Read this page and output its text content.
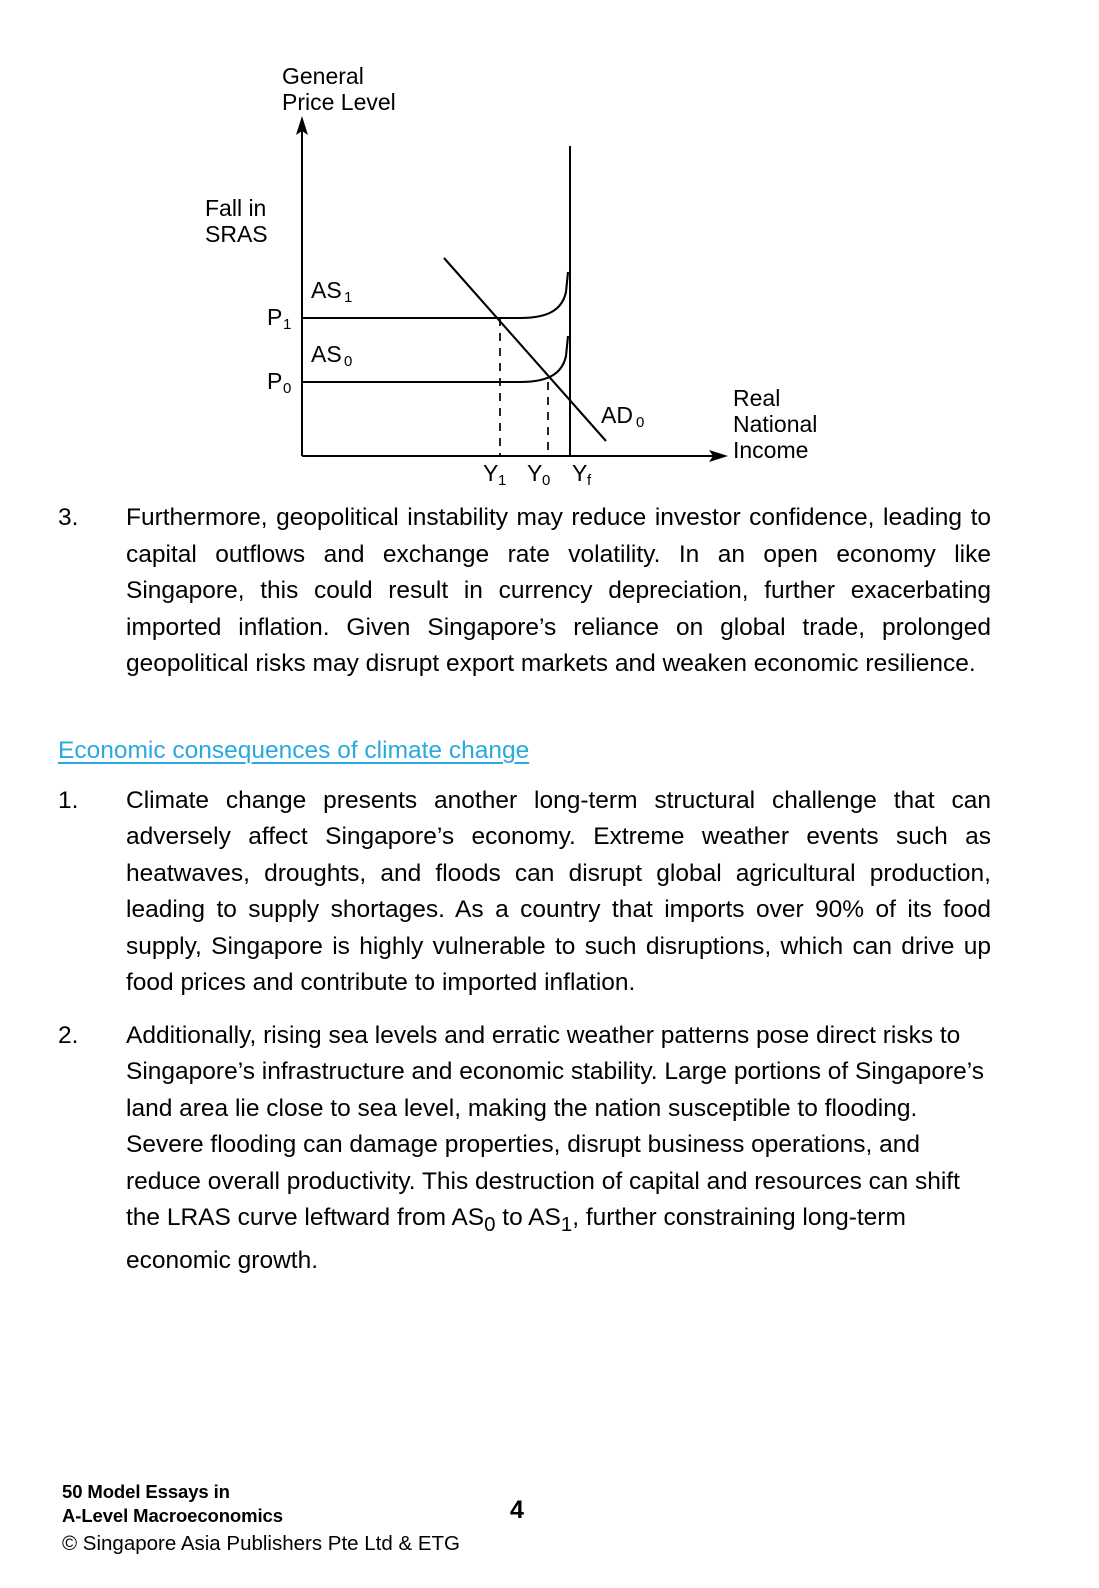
General
Price Level
Real
National
Income
Fall in
SRAS
AS 1
AS 0
AD 0
P 1
P 0
Y 1 Y 0 Y f
3.	Furthermore, geopolitical instability may reduce investor confidence, leading to capital outflows and exchange rate volatility. In an open economy like Singapore, this could result in currency depreciation, further exacerbating imported inflation. Given Singapore’s reliance on global trade, prolonged geopolitical risks may disrupt export markets and weaken economic resilience.
Economic consequences of climate change
1.	Climate change presents another long-term structural challenge that can adversely affect Singapore’s economy. Extreme weather events such as heatwaves, droughts, and floods can disrupt global agricultural production, leading to supply shortages. As a country that imports over 90% of its food supply, Singapore is highly vulnerable to such disruptions, which can drive up food prices and contribute to imported inflation.
2.	Additionally, rising sea levels and erratic weather patterns pose direct risks to Singapore’s infrastructure and economic stability. Large portions of Singapore’s land area lie close to sea level, making the nation susceptible to flooding. Severe flooding can damage properties, disrupt business operations, and reduce overall productivity. This destruction of capital and resources can shift the LRAS curve leftward from $AS_0$ to $AS_1$, further constraining long-term economic growth.
50 Model Essays in
A-Level Macroeconomics
© Singapore Asia Publishers Pte Ltd & ETG
4
